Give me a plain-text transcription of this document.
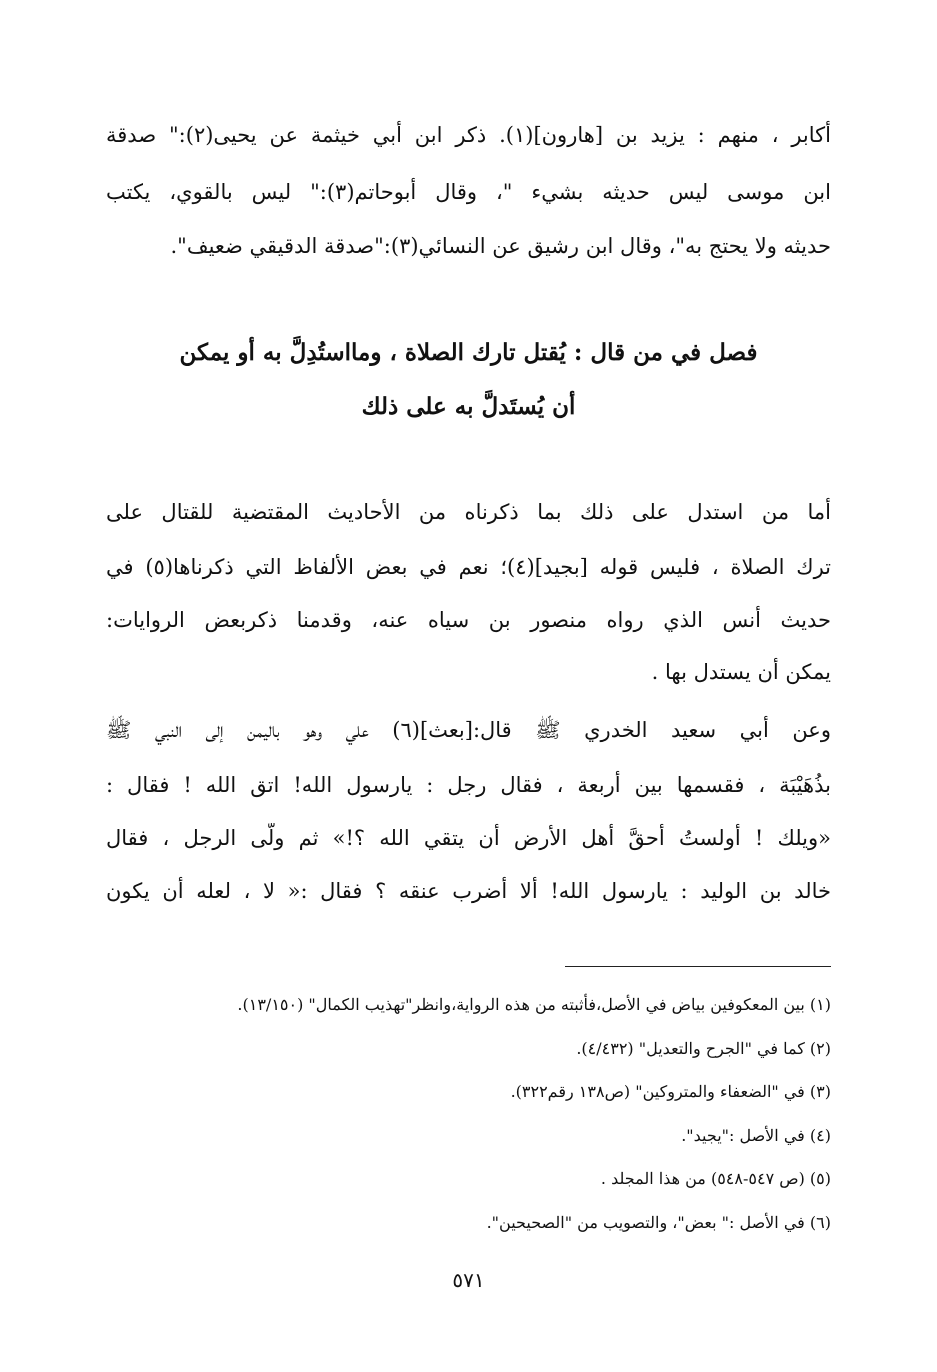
أكابر ، منهم : يزيد بن [هارون](١). ذكر ابن أبي خيثمة عن يحيى(٢):" صدقة
ابن موسى ليس حديثه بشيء "، وقال أبوحاتم(٣):" ليس بالقوي، يكتب
حديثه ولا يحتج به"، وقال ابن رشيق عن النسائي(٣):"صدقة الدقيقي ضعيف".
فصل في من قال : يُقتل تارك الصلاة ، ومااستُدِلَّ به أو يمكن
أن يُستَدلَّ به على ذلك
أما من استدل على ذلك بما ذكرناه من الأحاديث المقتضية للقتال على
ترك الصلاة ، فليس قوله [بجيد](٤)؛ نعم في بعض الألفاظ التي ذكرناها(٥) في
حديث أنس الذي رواه منصور بن سياه عنه، وقدمنا ذكربعض الروايات:
يمكن أن يستدل بها .
وعن أبي سعيد الخدري ﷺ قال:[بعث](٦) علي وهو باليمن إلى النبي ﷺ
بذُهَيْبَة ، فقسمها بين أربعة ، فقال رجل : يارسول الله! اتق الله ! فقال :
«ويلك ! أولستُ أحقَّ أهل الأرض أن يتقي الله ؟!» ثم ولَّى الرجل ، فقال
خالد بن الوليد : يارسول الله! ألا أضرب عنقه ؟ فقال :« لا ، لعله أن يكون
(١) بين المعكوفين بياض في الأصل،فأثبته من هذه الرواية،وانظر"تهذيب الكمال" (١٣/١٥٠).
(٢) كما في "الجرح والتعديل" (٤/٤٣٢).
(٣) في "الضعفاء والمتروكين" (ص١٣٨ رقم٣٢٢).
(٤) في الأصل :"يجيد".
(٥) (ص ٥٤٧-٥٤٨) من هذا المجلد .
(٦) في الأصل :" بعض"، والتصويب من "الصحيحين".
٥٧١
